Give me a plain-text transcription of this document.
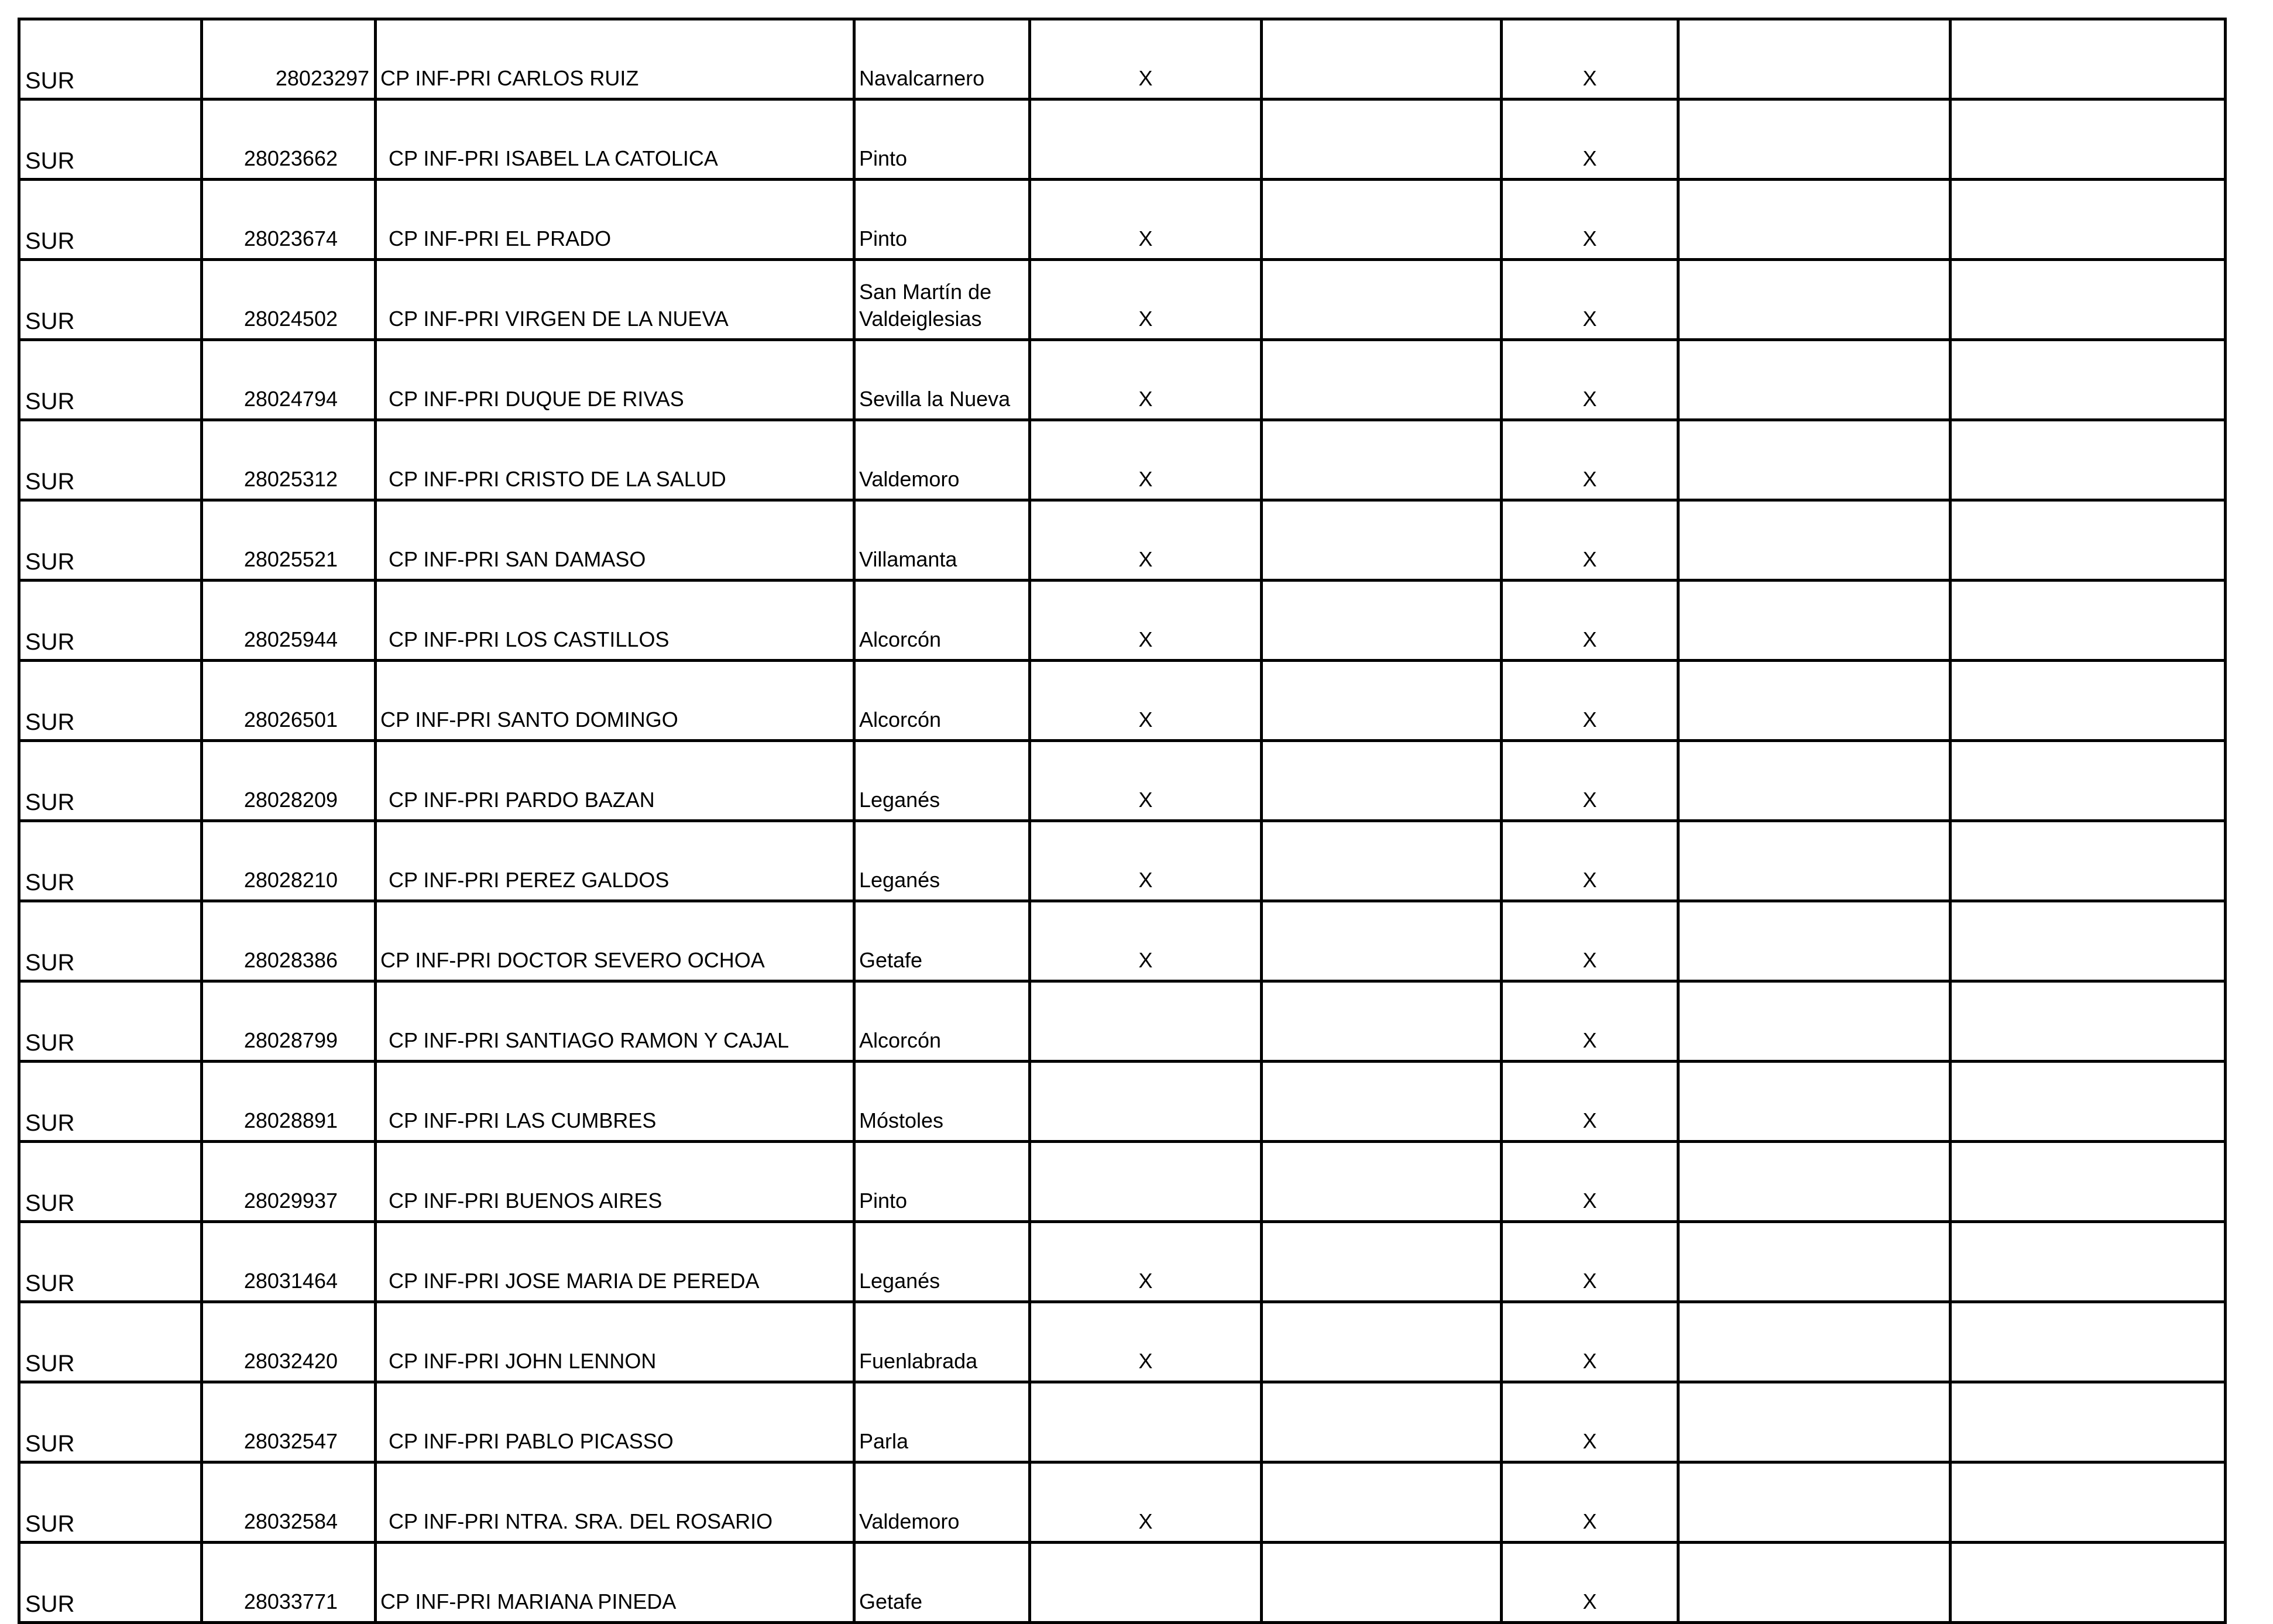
SUR	28023297	CP INF-PRI CARLOS RUIZ	Navalcarnero	X		X		
SUR	28023662	CP INF-PRI ISABEL LA CATOLICA	Pinto			X		
SUR	28023674	CP INF-PRI EL PRADO	Pinto	X		X		
SUR	28024502	CP INF-PRI VIRGEN DE LA NUEVA	San Martín de Valdeiglesias	X		X		
SUR	28024794	CP INF-PRI DUQUE DE RIVAS	Sevilla la Nueva	X		X		
SUR	28025312	CP INF-PRI CRISTO DE LA SALUD	Valdemoro	X		X		
SUR	28025521	CP INF-PRI SAN DAMASO	Villamanta	X		X		
SUR	28025944	CP INF-PRI LOS CASTILLOS	Alcorcón	X		X		
SUR	28026501	CP INF-PRI SANTO DOMINGO	Alcorcón	X		X		
SUR	28028209	CP INF-PRI PARDO BAZAN	Leganés	X		X		
SUR	28028210	CP INF-PRI PEREZ GALDOS	Leganés	X		X		
SUR	28028386	CP INF-PRI DOCTOR SEVERO OCHOA	Getafe	X		X		
SUR	28028799	CP INF-PRI SANTIAGO RAMON Y CAJAL	Alcorcón			X		
SUR	28028891	CP INF-PRI LAS CUMBRES	Móstoles			X		
SUR	28029937	CP INF-PRI BUENOS AIRES	Pinto			X		
SUR	28031464	CP INF-PRI JOSE MARIA DE PEREDA	Leganés	X		X		
SUR	28032420	CP INF-PRI JOHN LENNON	Fuenlabrada	X		X		
SUR	28032547	CP INF-PRI PABLO PICASSO	Parla			X		
SUR	28032584	CP INF-PRI NTRA. SRA. DEL ROSARIO	Valdemoro	X		X		
SUR	28033771	CP INF-PRI MARIANA PINEDA	Getafe			X		
